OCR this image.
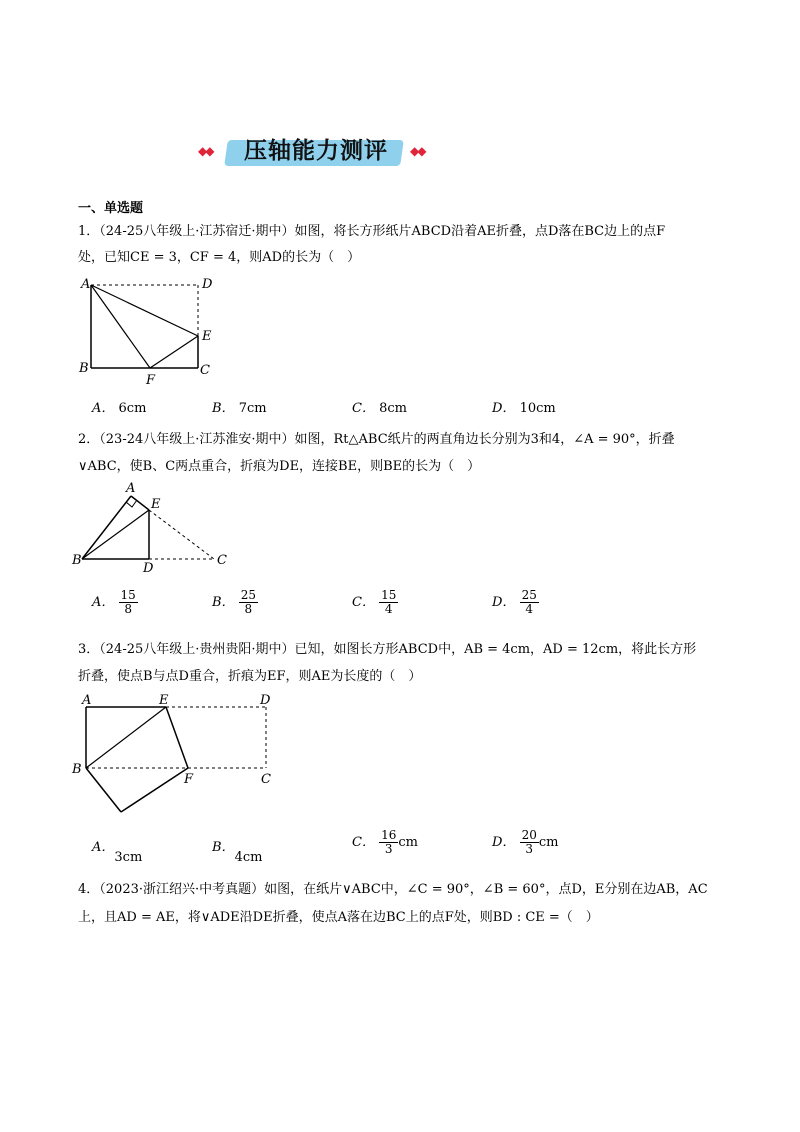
◆◆	压轴能力测评	◆◆
一、单选题
1．（24-25八年级上·江苏宿迁·期中）如图，将长方形纸片ABCD沿着AE折叠，点D落在BC边上的点F
处，已知CE = 3，CF = 4，则AD的长为（　）
A	D
E
B	C
F
A． 6cm	B． 7cm	C． 8cm	D． 10cm
2．（23-24八年级上·江苏淮安·期中）如图，Rt△ABC纸片的两直角边长分别为3和4，∠A = 90°，折叠
∨ABC，使B、C两点重合，折痕为DE，连接BE，则BE的长为（　）
A
E
B
D
C
A． $\frac{15}{8}$	B． $\frac{25}{8}$	C． $\frac{15}{4}$	D． $\frac{25}{4}$
3．（24-25八年级上·贵州贵阳·期中）已知，如图长方形ABCD中，AB = 4cm，AD = 12cm，将此长方形
折叠，使点B与点D重合，折痕为EF，则AE为长度的（　）
A	E	D
B
F	C
A．3cm
B．4cm
C． $\frac{16}{3}$ cm	D． $\frac{20}{3}$ cm
4．（2023·浙江绍兴·中考真题）如图，在纸片∨ABC中，∠C = 90°，∠B = 60°，点D，E分别在边AB，AC
上，且AD = AE，将∨ADE沿DE折叠，使点A落在边BC上的点F处，则BD : CE =（　）
